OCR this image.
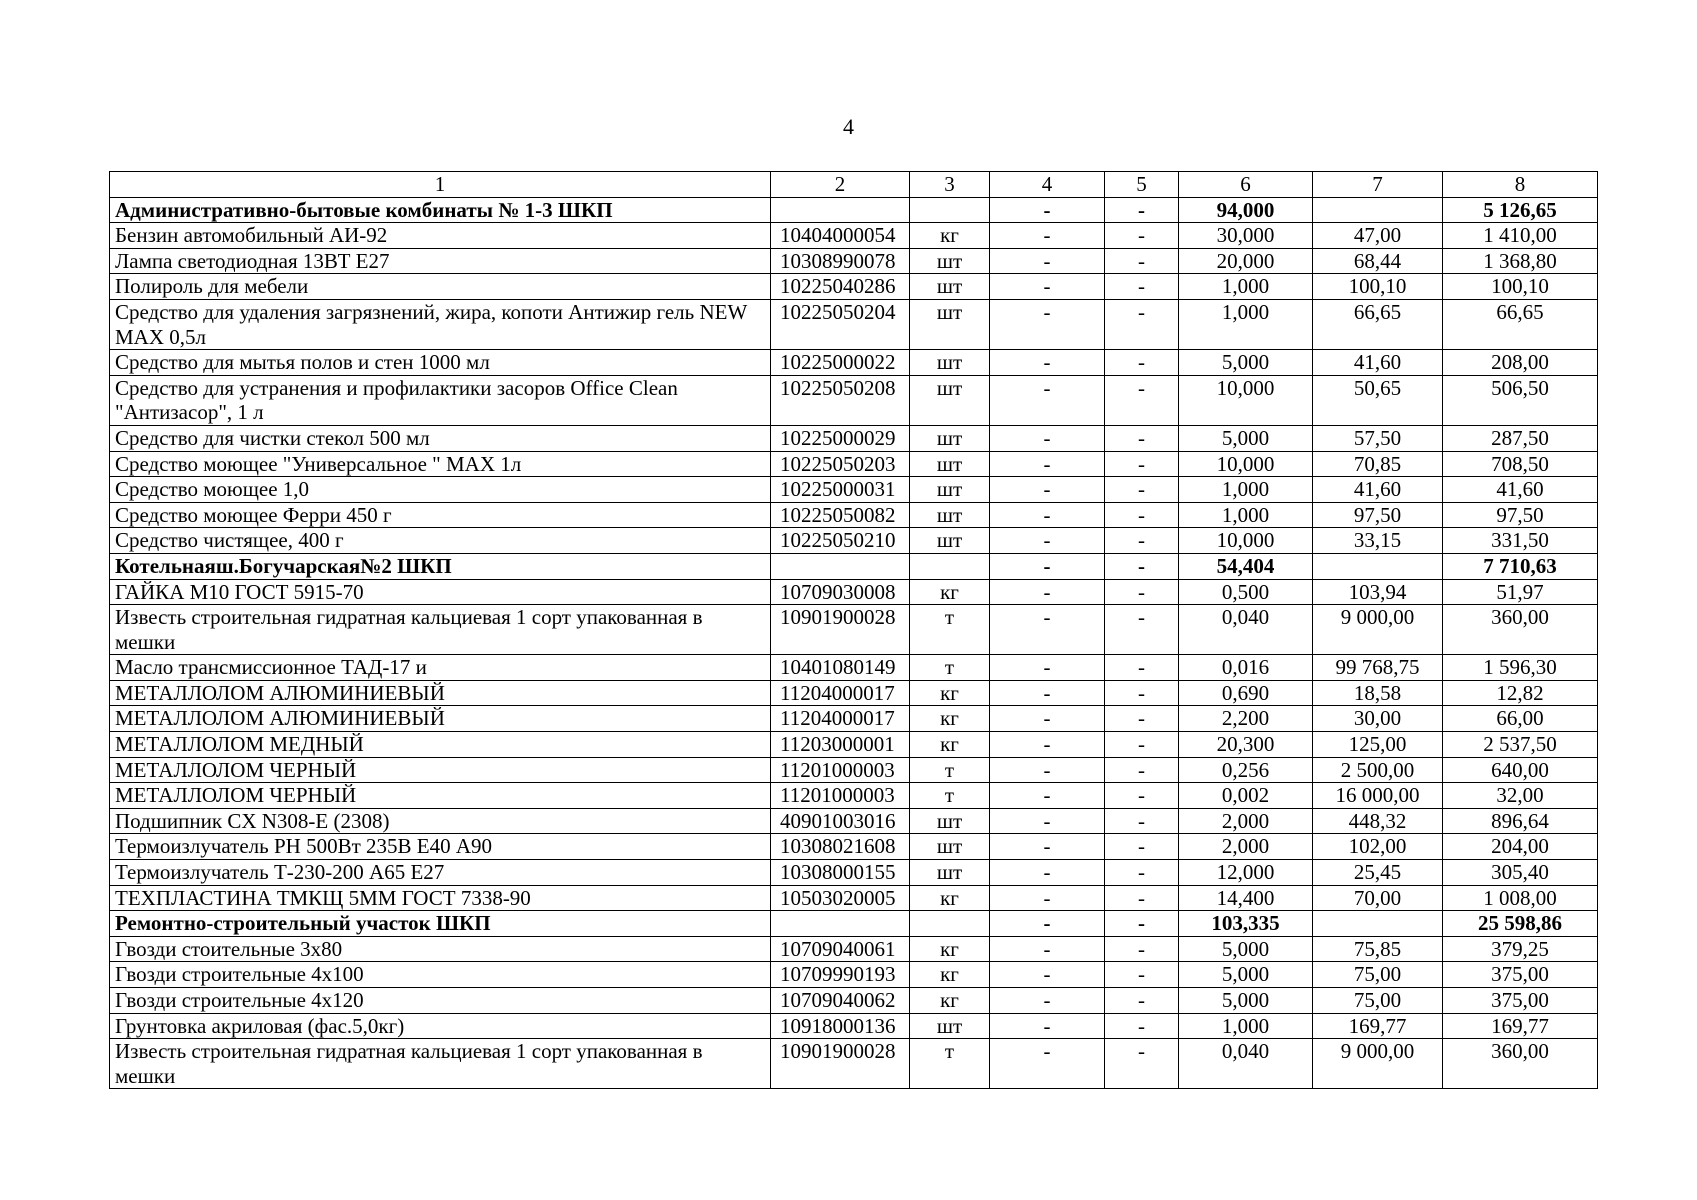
4
1	2	3	4	5	6	7	8
Административно-бытовые комбинаты № 1-3 ШКП			-	-	94,000		5 126,65
Бензин автомобильный АИ-92	10404000054	кг	-	-	30,000	47,00	1 410,00
Лампа светодиодная 13ВТ Е27	10308990078	шт	-	-	20,000	68,44	1 368,80
Полироль для мебели	10225040286	шт	-	-	1,000	100,10	100,10
Средство для удаления загрязнений, жира, копоти Антижир гель NEW MAX 0,5л	10225050204	шт	-	-	1,000	66,65	66,65
Средство для мытья полов и стен 1000 мл	10225000022	шт	-	-	5,000	41,60	208,00
Средство для устранения и профилактики засоров Office Clean "Антизасор", 1 л	10225050208	шт	-	-	10,000	50,65	506,50
Средство для чистки стекол 500 мл	10225000029	шт	-	-	5,000	57,50	287,50
Средство моющее "Универсальное " МАХ 1л	10225050203	шт	-	-	10,000	70,85	708,50
Средство моющее 1,0	10225000031	шт	-	-	1,000	41,60	41,60
Средство моющее Ферри 450 г	10225050082	шт	-	-	1,000	97,50	97,50
Средство чистящее, 400 г	10225050210	шт	-	-	10,000	33,15	331,50
Котельнаяш.Богучарская№2 ШКП			-	-	54,404		7 710,63
ГАЙКА М10 ГОСТ 5915-70	10709030008	кг	-	-	0,500	103,94	51,97
Известь строительная гидратная кальциевая 1 сорт упакованная в мешки	10901900028	т	-	-	0,040	9 000,00	360,00
Масло трансмиссионное ТАД-17 и	10401080149	т	-	-	0,016	99 768,75	1 596,30
МЕТАЛЛОЛОМ АЛЮМИНИЕВЫЙ	11204000017	кг	-	-	0,690	18,58	12,82
МЕТАЛЛОЛОМ АЛЮМИНИЕВЫЙ	11204000017	кг	-	-	2,200	30,00	66,00
МЕТАЛЛОЛОМ МЕДНЫЙ	11203000001	кг	-	-	20,300	125,00	2 537,50
МЕТАЛЛОЛОМ ЧЕРНЫЙ	11201000003	т	-	-	0,256	2 500,00	640,00
МЕТАЛЛОЛОМ ЧЕРНЫЙ	11201000003	т	-	-	0,002	16 000,00	32,00
Подшипник CX N308-E (2308)	40901003016	шт	-	-	2,000	448,32	896,64
Термоизлучатель РН 500Вт 235В Е40 А90	10308021608	шт	-	-	2,000	102,00	204,00
Термоизлучатель Т-230-200 А65 Е27	10308000155	шт	-	-	12,000	25,45	305,40
ТЕХПЛАСТИНА ТМКЩ 5ММ ГОСТ 7338-90	10503020005	кг	-	-	14,400	70,00	1 008,00
Ремонтно-строительный участок ШКП			-	-	103,335		25 598,86
Гвозди стоительные 3х80	10709040061	кг	-	-	5,000	75,85	379,25
Гвозди строительные 4х100	10709990193	кг	-	-	5,000	75,00	375,00
Гвозди строительные 4х120	10709040062	кг	-	-	5,000	75,00	375,00
Грунтовка акриловая (фас.5,0кг)	10918000136	шт	-	-	1,000	169,77	169,77
Известь строительная гидратная кальциевая 1 сорт упакованная в мешки	10901900028	т	-	-	0,040	9 000,00	360,00
